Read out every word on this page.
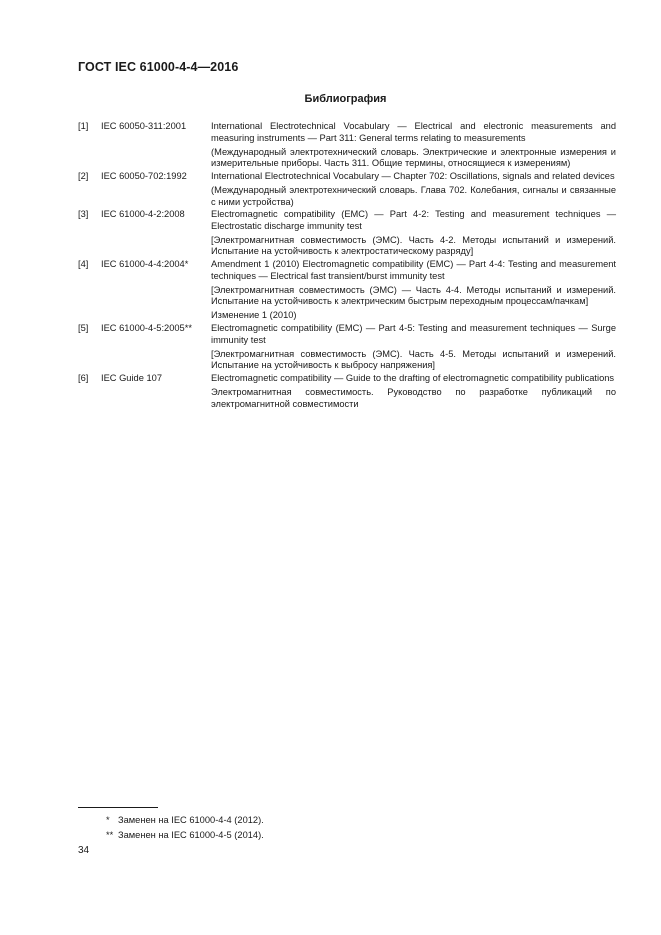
ГОСТ IEC 61000-4-4—2016
Библиография
[1]	IEC 60050-311:2001	International Electrotechnical Vocabulary — Electrical and electronic measurements and measuring instruments — Part 311: General terms relating to measurements
(Международный электротехнический словарь. Электрические и электронные измерения и измерительные приборы. Часть 311. Общие термины, относящиеся к измерениям)
[2]	IEC 60050-702:1992	International Electrotechnical Vocabulary — Chapter 702: Oscillations, signals and related devices
(Международный электротехнический словарь. Глава 702. Колебания, сигналы и связанные с ними устройства)
[3]	IEC 61000-4-2:2008	Electromagnetic compatibility (EMC) — Part 4-2: Testing and measurement techniques — Electrostatic discharge immunity test
[Электромагнитная совместимость (ЭМС). Часть 4-2. Методы испытаний и измерений. Испытание на устойчивость к электростатическому разряду]
[4]	IEC 61000-4-4:2004*	Amendment 1 (2010) Electromagnetic compatibility (EMC) — Part 4-4: Testing and measurement techniques — Electrical fast transient/burst immunity test
[Электромагнитная совместимость (ЭМС) — Часть 4-4. Методы испытаний и измерений. Испытание на устойчивость к электрическим быстрым переходным процессам/пачкам]
Изменение 1 (2010)
[5]	IEC 61000-4-5:2005**	Electromagnetic compatibility (EMC) — Part 4-5: Testing and measurement techniques — Surge immunity test
[Электромагнитная совместимость (ЭМС). Часть 4-5. Методы испытаний и измерений. Испытание на устойчивость к выбросу напряжения]
[6]	IEC Guide 107	Electromagnetic compatibility — Guide to the drafting of electromagnetic compatibility publications
Электромагнитная совместимость. Руководство по разработке публикаций по электромагнитной совместимости
* Заменен на IEC 61000-4-4 (2012).
** Заменен на IEC 61000-4-5 (2014).
34
